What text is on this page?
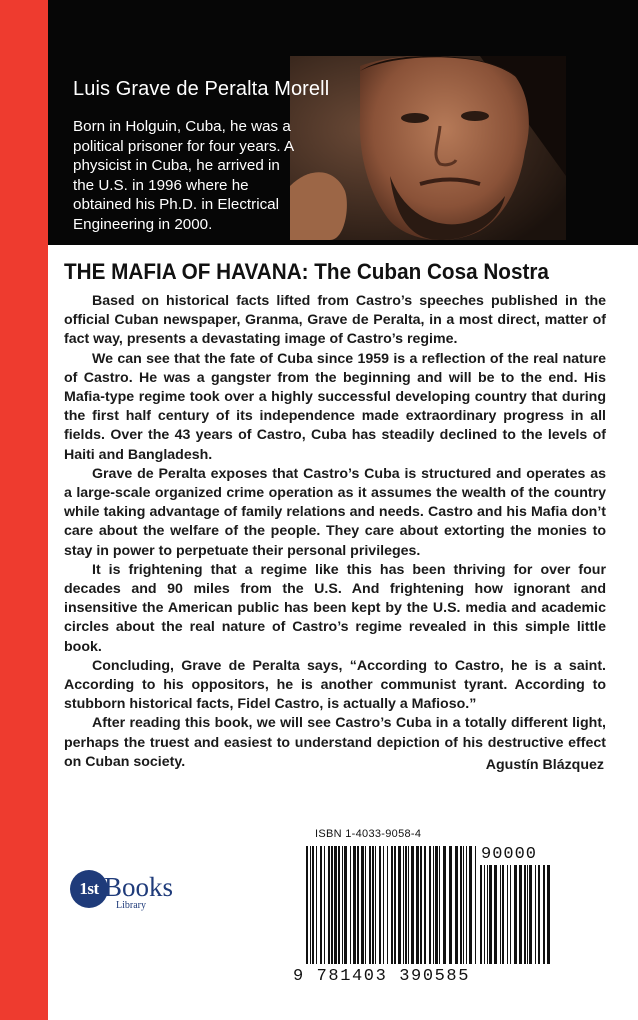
Luis Grave de Peralta Morell

Born in Holguin, Cuba, he was a political prisoner for four years. A physicist in Cuba, he arrived in the U.S. in 1996 where he obtained his Ph.D. in Electrical Engineering in 2000.

THE MAFIA OF HAVANA: The Cuban Cosa Nostra

Based on historical facts lifted from Castro’s speeches published in the official Cuban newspaper, Granma, Grave de Peralta, in a most direct, matter of fact way, presents a devastating image of Castro’s regime.

We can see that the fate of Cuba since 1959 is a reflection of the real nature of Castro. He was a gangster from the beginning and will be to the end. His Mafia-type regime took over a highly successful developing country that during the first half century of its independence made extraordinary progress in all fields. Over the 43 years of Castro, Cuba has steadily declined to the levels of Haiti and Bangladesh.

Grave de Peralta exposes that Castro’s Cuba is structured and operates as a large-scale organized crime operation as it assumes the wealth of the country while taking advantage of family relations and needs. Castro and his Mafia don’t care about the welfare of the people. They care about extorting the monies to stay in power to perpetuate their personal privileges.

It is frightening that a regime like this has been thriving for over four decades and 90 miles from the U.S. And frightening how ignorant and insensitive the American public has been kept by the U.S. media and academic circles about the real nature of Castro’s regime revealed in this simple little book.

Concluding, Grave de Peralta says, “According to Castro, he is a saint. According to his oppositors, he is another communist tyrant. According to stubborn historical facts, Fidel Castro, is actually a Mafioso.”

After reading this book, we will see Castro’s Cuba in a totally different light, perhaps the truest and easiest to understand depiction of his destructive effect on Cuban society.	Agustín Blázquez

1st Books
Library
ISBN 1-4033-9058-4
90000
9 781403 390585
